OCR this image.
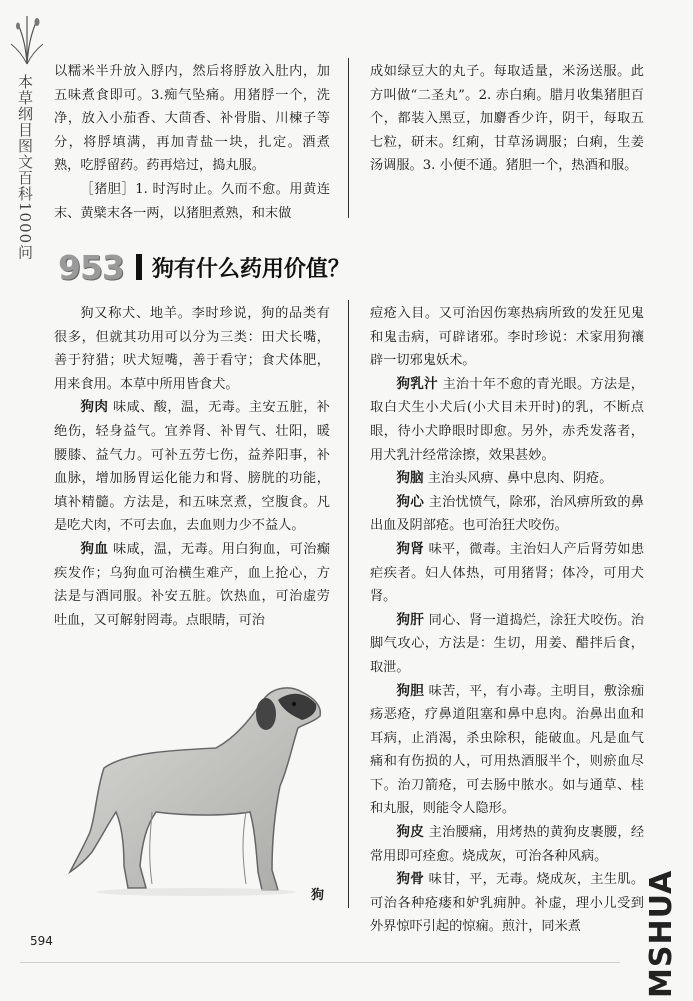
本草纲目图文百科1000问

以糯米半升放入脬内，然后将脬放入肚内，加五味煮食即可。3.痴气坠痛。用猪脬一个，洗净，放入小茄香、大茴香、补骨脂、川楝子等分，将脬填满，再加青盐一块，扎定。酒煮熟，吃脬留药。药再焙过，捣丸服。

［猪胆］1. 时泻时止。久而不愈。用黄连末、黄檗末各一两，以猪胆煮熟，和末做

成如绿豆大的丸子。每取适量，米汤送服。此方叫做“二圣丸”。2. 赤白痢。腊月收集猪胆百个，都装入黑豆，加麝香少许，阴干，每取五七粒，研末。红痢，甘草汤调服；白痢，生姜汤调服。3. 小便不通。猪胆一个，热酒和服。

953 狗有什么药用价值？

狗又称犬、地羊。李时珍说，狗的品类有很多，但就其功用可以分为三类：田犬长嘴，善于狩猎；吠犬短嘴，善于看守；食犬体肥，用来食用。本草中所用皆食犬。

狗肉 味咸、酸，温，无毒。主安五脏，补绝伤，轻身益气。宜养肾、补胃气、壮阳，暖腰膝、益气力。可补五劳七伤，益养阳事，补血脉，增加肠胃运化能力和肾、膀胱的功能，填补精髓。方法是，和五味烹煮，空腹食。凡是吃犬肉，不可去血，去血则力少不益人。

狗血 味咸，温，无毒。用白狗血，可治癫疾发作；乌狗血可治横生难产，血上抢心，方法是与酒同服。补安五脏。饮热血，可治虚劳吐血，又可解射罔毒。点眼睛，可治

狗

痘疮入目。又可治因伤寒热病所致的发狂见鬼和鬼击病，可辟诸邪。李时珍说：术家用狗禳辟一切邪鬼妖术。

狗乳汁 主治十年不愈的青光眼。方法是，取白犬生小犬后(小犬目未开时)的乳，不断点眼，待小犬睁眼时即愈。另外，赤秃发落者，用犬乳汁经常涂擦，效果甚妙。

狗脑 主治头风痹、鼻中息肉、阴疮。

狗心 主治忧愤气，除邪，治风痹所致的鼻出血及阴部疮。也可治狂犬咬伤。

狗肾 味平，微毒。主治妇人产后肾劳如患疟疾者。妇人体热，可用猪肾；体冷，可用犬肾。

狗肝 同心、肾一道捣烂，涂狂犬咬伤。治脚气攻心，方法是：生切，用姜、醋拌后食，取泄。

狗胆 味苦，平，有小毒。主明目，敷涂痂疡恶疮，疗鼻道阻塞和鼻中息肉。治鼻出血和耳病，止消渴，杀虫除积，能破血。凡是血气痛和有伤损的人，可用热酒服半个，则瘀血尽下。治刀箭疮，可去肠中脓水。如与通草、桂和丸服，则能令人隐形。

狗皮 主治腰痛，用烤热的黄狗皮裹腰，经常用即可痊愈。烧成灰，可治各种风病。

狗骨 味甘，平，无毒。烧成灰，主生肌。可治各种疮瘘和妒乳痈肿。补虚，理小儿受到外界惊吓引起的惊痫。煎汁，同米煮

594	MSHUA
